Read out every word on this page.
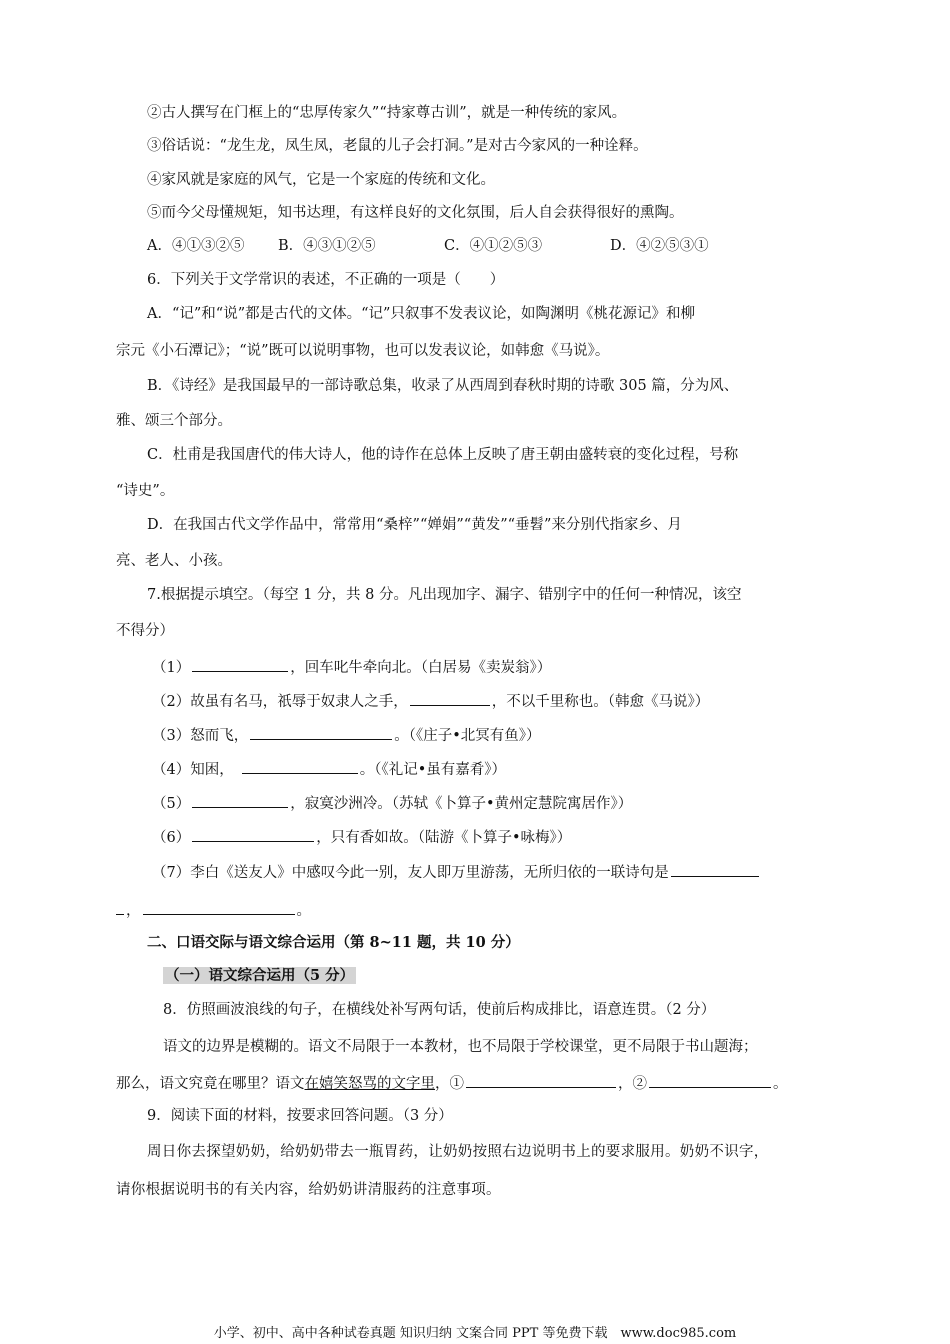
②古人撰写在门框上的“忠厚传家久”“持家尊古训”，就是一种传统的家风。
③俗话说：“龙生龙，凤生凤，老鼠的儿子会打洞。”是对古今家风的一种诠释。
④家风就是家庭的风气，它是一个家庭的传统和文化。
⑤而今父母懂规矩，知书达理，有这样良好的文化氛围，后人自会获得很好的熏陶。
A．④①③②⑤ B．④③①②⑤	C．④①②⑤③	D．④②⑤③①
6．下列关于文学常识的表述，不正确的一项是（　　）
A．“记”和“说”都是古代的文体。“记”只叙事不发表议论，如陶渊明《桃花源记》和柳
宗元《小石潭记》；“说”既可以说明事物，也可以发表议论，如韩愈《马说》。
B．《诗经》是我国最早的一部诗歌总集，收录了从西周到春秋时期的诗歌 305 篇，分为风、
雅、颂三个部分。
C．杜甫是我国唐代的伟大诗人，他的诗作在总体上反映了唐王朝由盛转衰的变化过程，号称
“诗史”。
D．在我国古代文学作品中，常常用“桑梓”“婵娟”“黄发”“垂髫”来分别代指家乡、月
亮、老人、小孩。
7.根据提示填空。（每空 1 分，共 8 分。凡出现加字、漏字、错别字中的任何一种情况，该空
不得分）
（1）	，回车叱牛牵向北。（白居易《卖炭翁》）
（2）故虽有名马，祇辱于奴隶人之手，	，不以千里称也。（韩愈《马说》）
（3）怒而飞，	。（《庄子•北冥有鱼》）
（4）知困，	。（《礼记•虽有嘉肴》）
（5）	，寂寞沙洲冷。（苏轼《卜算子•黄州定慧院寓居作》）
（6）	，只有香如故。（陆游《卜算子•咏梅》）
（7）李白《送友人》中感叹今此一别，友人即万里游荡，无所归依的一联诗句是
，	。
二、口语交际与语文综合运用（第 8~11 题，共 10 分）
（一）语文综合运用（5 分）
8．仿照画波浪线的句子，在横线处补写两句话，使前后构成排比，语意连贯。（2 分）
语文的边界是模糊的。语文不局限于一本教材，也不局限于学校课堂，更不局限于书山题海；
那么，语文究竟在哪里？语文在嬉笑怒骂的文字里，①	，②	。
9．阅读下面的材料，按要求回答问题。（3 分）
周日你去探望奶奶，给奶奶带去一瓶胃药，让奶奶按照右边说明书上的要求服用。奶奶不识字，
请你根据说明书的有关内容，给奶奶讲清服药的注意事项。
小学、初中、高中各种试卷真题 知识归纳 文案合同 PPT 等免费下载　www.doc985.com
